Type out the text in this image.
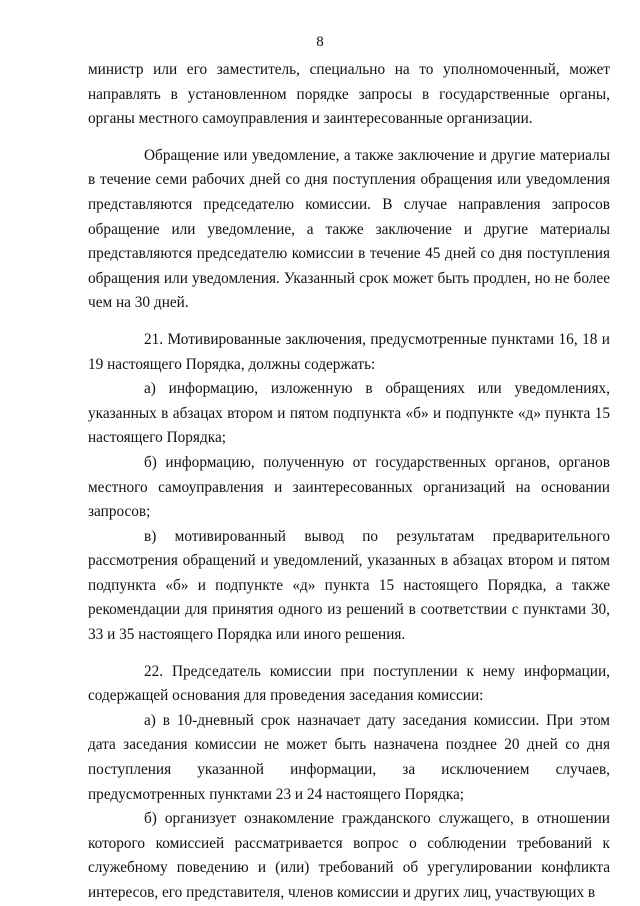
8

министр или его заместитель, специально на то уполномоченный, может направлять в установленном порядке запросы в государственные органы, органы местного самоуправления и заинтересованные организации.

Обращение или уведомление, а также заключение и другие материалы в течение семи рабочих дней со дня поступления обращения или уведомления представляются председателю комиссии. В случае направления запросов обращение или уведомление, а также заключение и другие материалы представляются председателю комиссии в течение 45 дней со дня поступления обращения или уведомления. Указанный срок может быть продлен, но не более чем на 30 дней.

21. Мотивированные заключения, предусмотренные пунктами 16, 18 и 19 настоящего Порядка, должны содержать:

а) информацию, изложенную в обращениях или уведомлениях, указанных в абзацах втором и пятом подпункта «б» и подпункте «д» пункта 15 настоящего Порядка;

б) информацию, полученную от государственных органов, органов местного самоуправления и заинтересованных организаций на основании запросов;

в) мотивированный вывод по результатам предварительного рассмотрения обращений и уведомлений, указанных в абзацах втором и пятом подпункта «б» и подпункте «д» пункта 15 настоящего Порядка, а также рекомендации для принятия одного из решений в соответствии с пунктами 30, 33 и 35 настоящего Порядка или иного решения.

22. Председатель комиссии при поступлении к нему информации, содержащей основания для проведения заседания комиссии:

а) в 10-дневный срок назначает дату заседания комиссии. При этом дата заседания комиссии не может быть назначена позднее 20 дней со дня поступления указанной информации, за исключением случаев, предусмотренных пунктами 23 и 24 настоящего Порядка;

б) организует ознакомление гражданского служащего, в отношении которого комиссией рассматривается вопрос о соблюдении требований к служебному поведению и (или) требований об урегулировании конфликта интересов, его представителя, членов комиссии и других лиц, участвующих в
